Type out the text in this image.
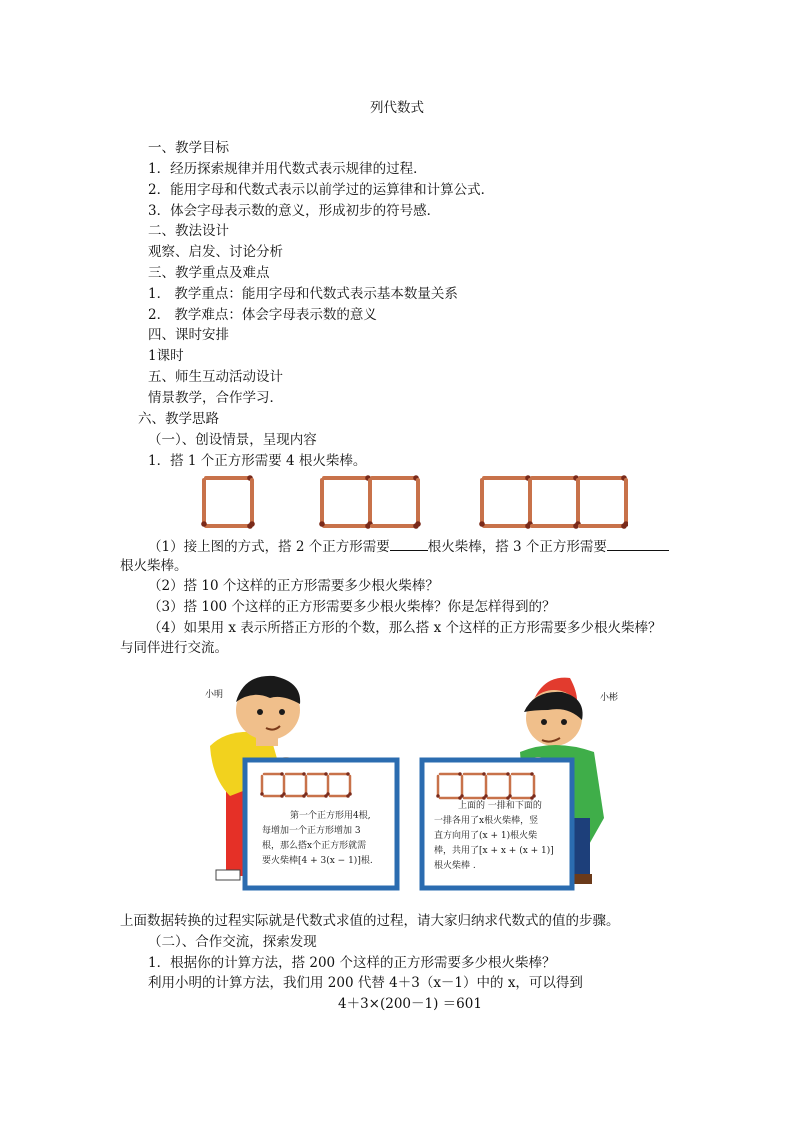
列代数式
一、教学目标
1．经历探索规律并用代数式表示规律的过程．
2．能用字母和代数式表示以前学过的运算律和计算公式．
3．体会字母表示数的意义，形成初步的符号感．
二、教法设计
观察、启发、讨论分析
三、教学重点及难点
1． 教学重点：能用字母和代数式表示基本数量关系
2． 教学难点：体会字母表示数的意义
四、课时安排
1课时
五、师生互动活动设计
情景教学，合作学习．
六、教学思路
（一）、创设情景，呈现内容
1．搭 1 个正方形需要 4 根火柴棒。
（1）接上图的方式，搭 2 个正方形需要	根火柴棒，搭 3 个正方形需要
根火柴棒。
（2）搭 10 个这样的正方形需要多少根火柴棒？
（3）搭 100 个这样的正方形需要多少根火柴棒？你是怎样得到的？
（4）如果用 x 表示所搭正方形的个数，那么搭 x 个这样的正方形需要多少根火柴棒？
与同伴进行交流。
小明	小彬
第一个正方形用4根, 每增加一个正方形增加 3 根，那么搭x个正方形就需 要火柴棒[4 + 3(x − 1)]根.
上面的 一排和下面的 一排各用了x根火柴棒，竖 直方向用了(x + 1)根火柴 棒，共用了[x + x + (x + 1)] 根火柴棒 .
上面数据转换的过程实际就是代数式求值的过程，请大家归纳求代数式的值的步骤。
（二）、合作交流，探索发现
1．根据你的计算方法，搭 200 个这样的正方形需要多少根火柴棒？
利用小明的计算方法，我们用 200 代替 4＋3（x－1）中的 x，可以得到
4＋3×(200－1) ＝601
